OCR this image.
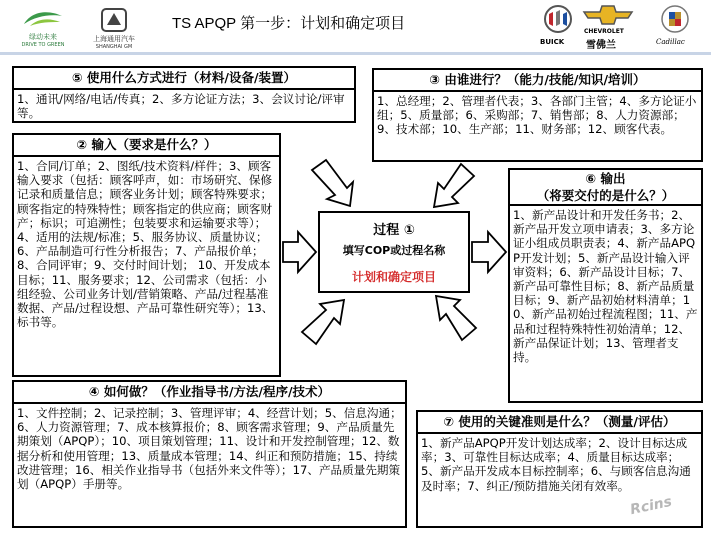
绿动未来
DRIVE TO GREEN
上海通用汽车
SHANGHAI GM
TS APQP 第一步：计划和确定项目
BUICK
CHEVROLET
雪佛兰	Cadillac
⑤ 使用什么方式进行（材料/设备/装置）
1、通讯/网络/电话/传真；2、多方论证方法；3、会议讨论/评审等。
③ 由谁进行？（能力/技能/知识/培训）
1、总经理；2、管理者代表；3、各部门主管；4、多方论证小组；5、质量部；6、采购部；7、销售部；8、人力资源部；9、技术部；10、生产部；11、财务部；12、顾客代表。
② 输入（要求是什么？）
1、合同/订单；2、图纸/技术资料/样件；3、顾客输入要求（包括：顾客呼声，如：市场研究、保修记录和质量信息；顾客业务计划；顾客特殊要求；顾客指定的特殊特性；顾客指定的供应商；顾客财产；标识；可追溯性；包装要求和运输要求等）；4、适用的法规/标准；5、服务协议、质量协议；6、产品制造可行性分析报告；7、产品报价单；8、合同评审；9、交付时间计划； 10、开发成本目标；11、服务要求；12、公司需求（包括：小组经验、公司业务计划/营销策略、产品/过程基准数据、产品/过程设想、产品可靠性研究等）；13、标书等。
⑥ 输出
（将要交付的是什么？）
1、新产品设计和开发任务书；2、新产品开发立项申请表；3、多方论证小组成员职责表；4、新产品APQP开发计划；5、新产品设计输入评审资料；6、新产品设计目标；7、新产品可靠性目标；8、新产品质量目标；9、新产品初始材料清单；10、新产品初始过程流程图；11、产品和过程特殊特性初始清单；12、新产品保证计划；13、管理者支持。
过程 ①
填写COP或过程名称
计划和确定项目
④ 如何做？（作业指导书/方法/程序/技术）
1、文件控制；2、记录控制；3、管理评审；4、经营计划；5、信息沟通；6、人力资源管理；7、成本核算报价；8、顾客需求管理；9、产品质量先期策划（APQP）；10、项目策划管理；11、设计和开发控制管理；12、数据分析和使用管理；13、质量成本管理；14、纠正和预防措施；15、持续改进管理；16、相关作业指导书（包括外来文件等）；17、产品质量先期策划（APQP）手册等。
⑦ 使用的关键准则是什么？（测量/评估）
1、新产品APQP开发计划达成率；2、设计目标达成率；3、可靠性目标达成率；4、质量目标达成率；5、新产品开发成本目标控制率；6、与顾客信息沟通及时率；7、纠正/预防措施关闭有效率。
Rcins
